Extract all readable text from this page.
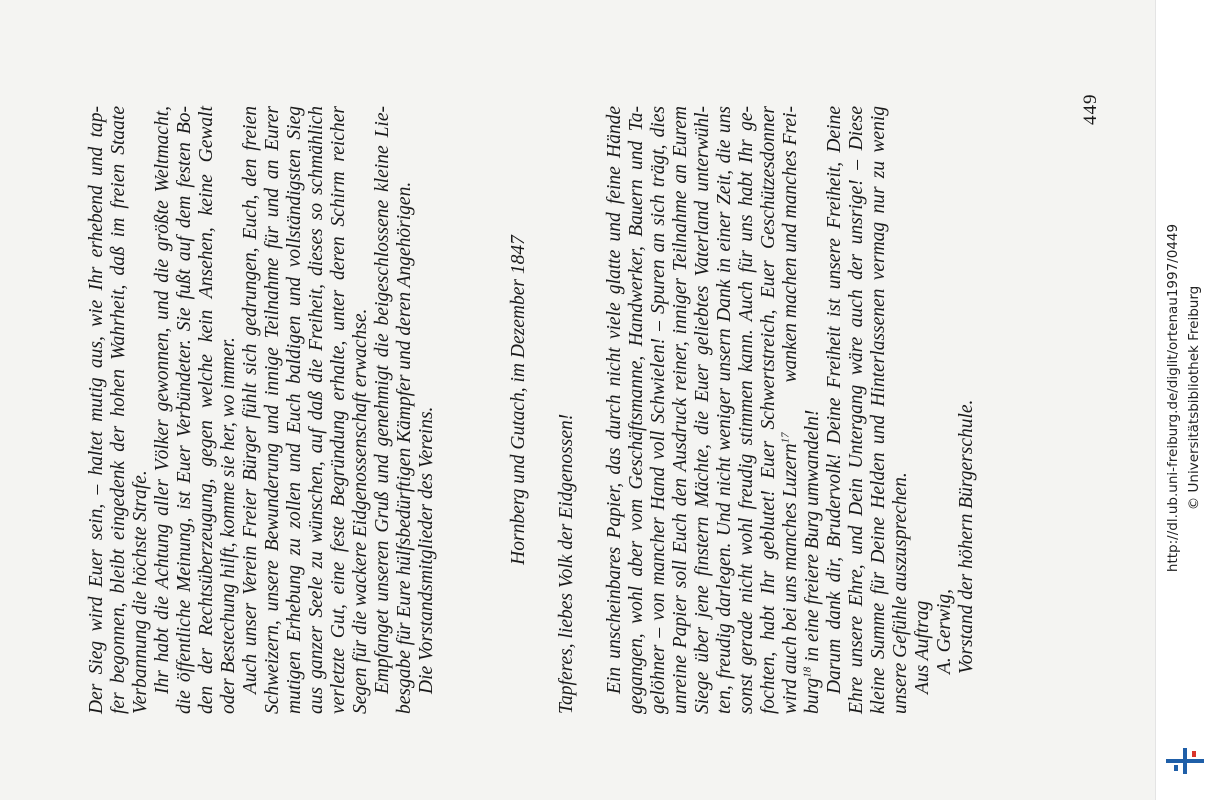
Der Sieg wird Euer sein, – haltet mutig aus, wie Ihr erhebend und tap- fer begonnen, bleibt eingedenk der hohen Wahrheit, daß im freien Staate Verbannung die höchste Strafe. Ihr habt die Achtung aller Völker gewonnen, und die größte Weltmacht, die öffentliche Meinung, ist Euer Verbündeter. Sie fußt auf dem festen Bo- den der Rechtsüberzeugung, gegen welche kein Ansehen, keine Gewalt oder Bestechung hilft, komme sie her, wo immer. Auch unser Verein Freier Bürger fühlt sich gedrungen, Euch, den freien Schweizern, unsere Bewunderung und innige Teilnahme für und an Eurer mutigen Erhebung zu zollen und Euch baldigen und vollständigsten Sieg aus ganzer Seele zu wünschen, auf daß die Freiheit, dieses so schmählich verletzte Gut, eine feste Begründung erhalte, unter deren Schirm reicher Segen für die wackere Eidgenossenschaft erwachse. Empfanget unseren Gruß und genehmigt die beigeschlossene kleine Lie- besgabe für Eure hülfsbedürftigen Kämpfer und deren Angehörigen. Die Vorstandsmitglieder des Vereins.	Hornberg und Gutach, im Dezember 1847 Tapferes, liebes Volk der Eidgenossen! Ein unscheinbares Papier, das durch nicht viele glatte und feine Hände gegangen, wohl aber vom Geschäftsmanne, Handwerker, Bauern und Ta- gelöhner – von mancher Hand voll Schwielen! – Spuren an sich trägt, dies unreine Papier soll Euch den Ausdruck reiner, inniger Teilnahme an Eurem Siege über jene finstern Mächte, die Euer geliebtes Vaterland unterwühl- ten, freudig darlegen. Und nicht weniger unsern Dank in einer Zeit, die uns sonst gerade nicht wohl freudig stimmen kann. Auch für uns habt Ihr ge- fochten, habt Ihr geblutet! Euer Schwertstreich, Euer Geschützesdonner wird auch bei uns manches Luzern$^{17}$
wanken machen und manches Frei-
burg$^{18}$ in eine freiere Burg umwandeln! Darum dank dir, Brudervolk! Deine Freiheit ist unsere Freiheit, Deine Ehre unsere Ehre, und Dein Untergang wäre auch der unsrige! – Diese kleine Summe für Deine Helden und Hinterlassenen vermag nur zu wenig unsere Gefühle auszusprechen. Aus Auftrag A. Gerwig, Vorstand der höhern Bürgerschule.
449
http://dl.ub.uni-freiburg.de/diglit/ortenau1997/0449 © Universitätsbibliothek Freiburg
